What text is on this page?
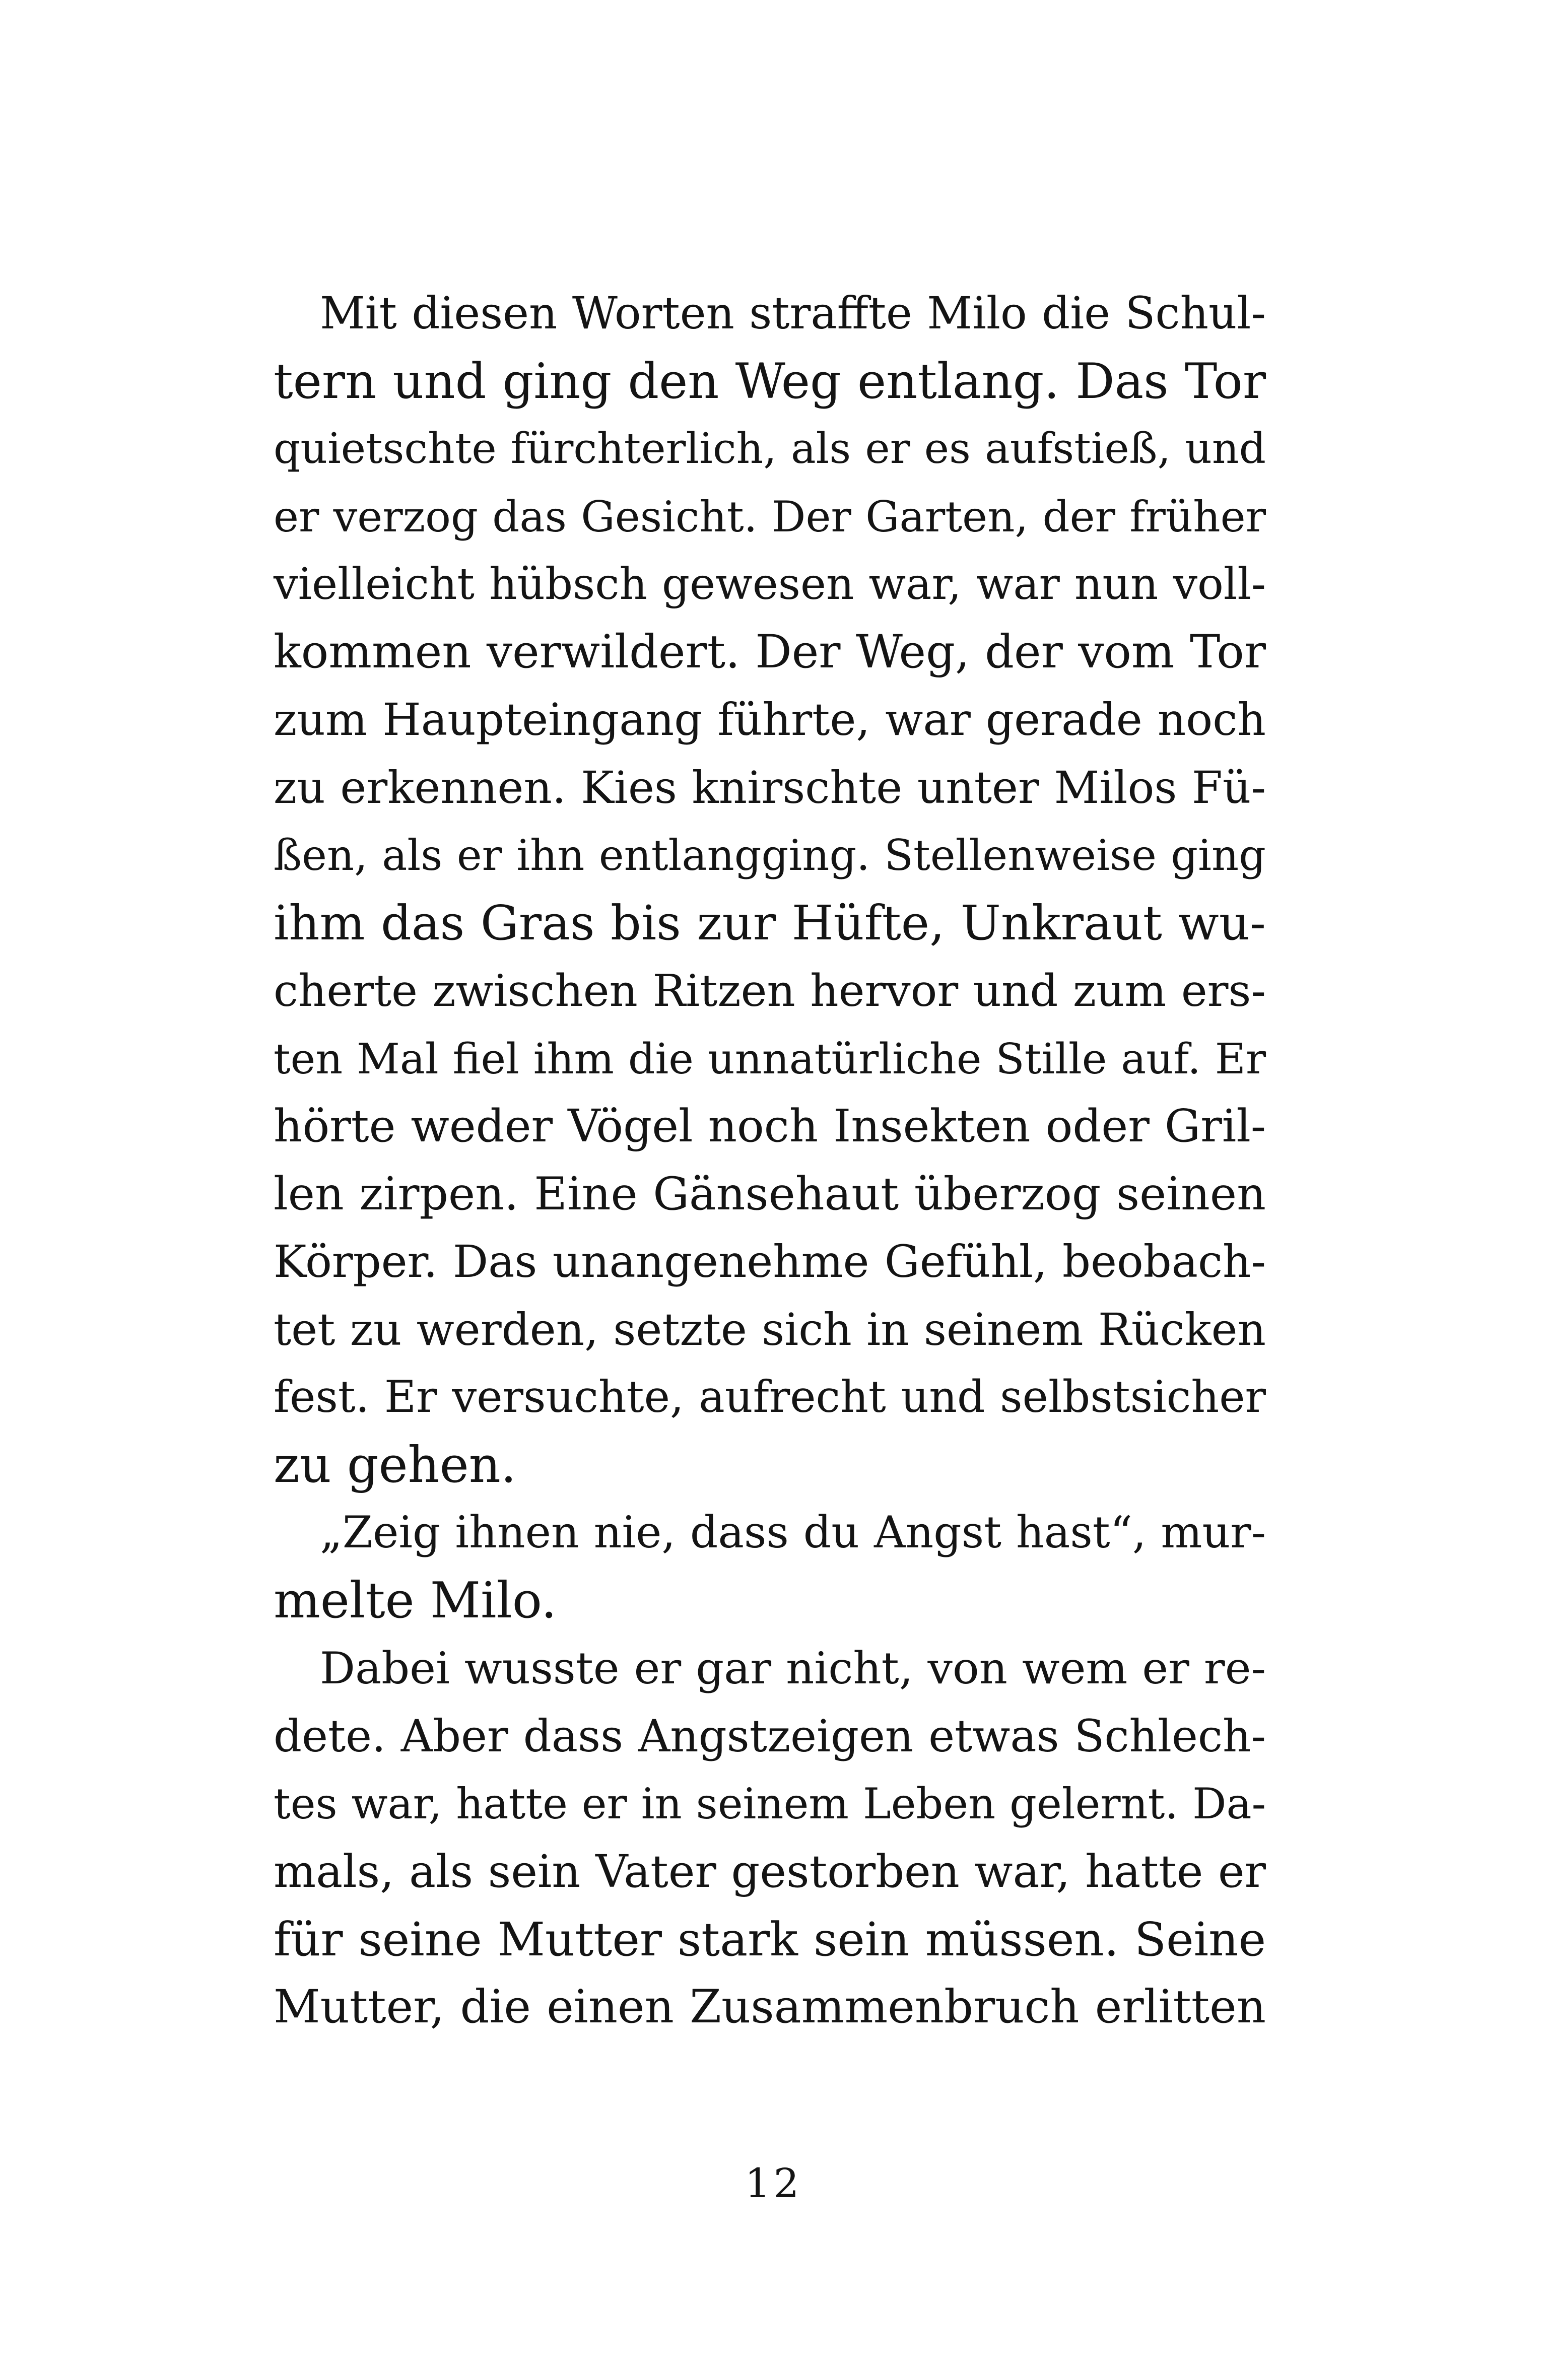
Mit diesen Worten straffte Milo die Schul-
tern und ging den Weg entlang. Das Tor
quietschte fürchterlich, als er es aufstieß, und
er verzog das Gesicht. Der Garten, der früher
vielleicht hübsch gewesen war, war nun voll-
kommen verwildert. Der Weg, der vom Tor
zum Haupteingang führte, war gerade noch
zu erkennen. Kies knirschte unter Milos Fü-
ßen, als er ihn entlangging. Stellenweise ging
ihm das Gras bis zur Hüfte, Unkraut wu-
cherte zwischen Ritzen hervor und zum ers-
ten Mal fiel ihm die unnatürliche Stille auf. Er
hörte weder Vögel noch Insekten oder Gril-
len zirpen. Eine Gänsehaut überzog seinen
Körper. Das unangenehme Gefühl, beobach-
tet zu werden, setzte sich in seinem Rücken
fest. Er versuchte, aufrecht und selbstsicher
zu gehen.
„Zeig ihnen nie, dass du Angst hast“, mur-
melte Milo.
Dabei wusste er gar nicht, von wem er re-
dete. Aber dass Angstzeigen etwas Schlech-
tes war, hatte er in seinem Leben gelernt. Da-
mals, als sein Vater gestorben war, hatte er
für seine Mutter stark sein müssen. Seine
Mutter, die einen Zusammenbruch erlitten
12
